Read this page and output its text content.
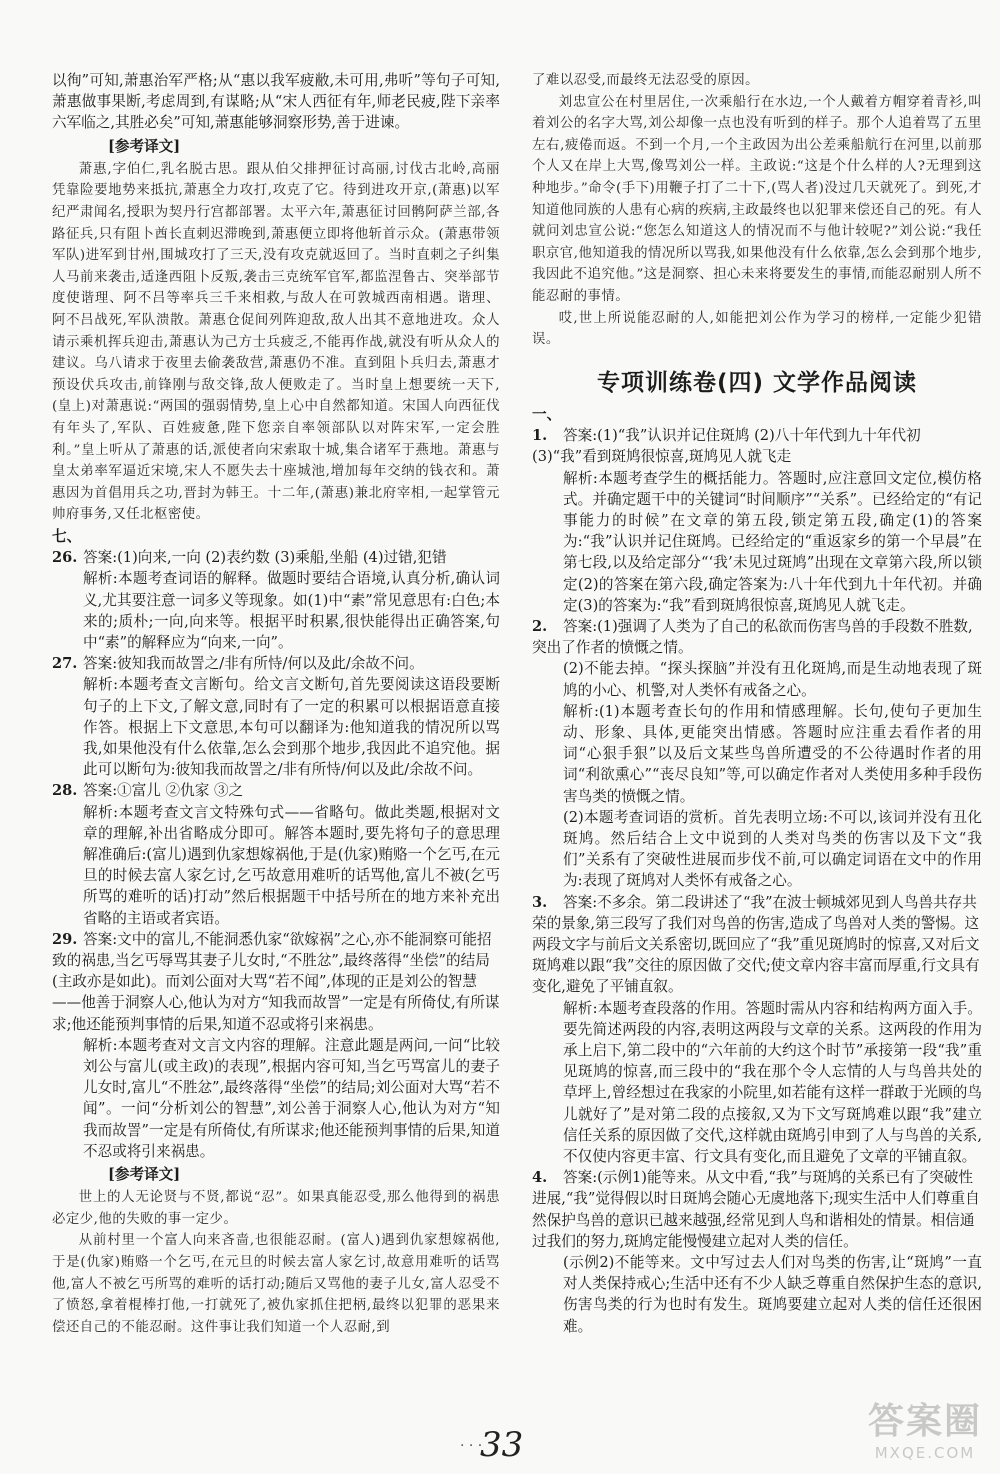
以徇”可知,萧惠治军严格;从“惠以我军疲敝,未可用,弗听”等句子可知,萧惠做事果断,考虑周到,有谋略;从“宋人西征有年,师老民疲,陛下亲率六军临之,其胜必矣”可知,萧惠能够洞察形势,善于进谏。

[参考译文]

萧惠,字伯仁,乳名脱古思。跟从伯父排押征讨高丽,讨伐古北岭,高丽凭靠险要地势来抵抗,萧惠全力攻打,攻克了它。待到进攻开京,(萧惠)以军纪严肃闻名,授职为契丹行宫都部署。太平六年,萧惠征讨回鹘阿萨兰部,各路征兵,只有阻卜酋长直刺迟滞晚到,萧惠便立即将他斩首示众。(萧惠带领军队)进军到甘州,围城攻打了三天,没有攻克就返回了。当时直刺之子纠集人马前来袭击,适逢西阻卜反叛,袭击三克统军官军,都监涅鲁古、突举部节度使谐理、阿不吕等率兵三千来相救,与敌人在可敦城西南相遇。谐理、阿不吕战死,军队溃散。萧惠仓促间列阵迎敌,敌人出其不意地进攻。众人请示乘机挥兵迎击,萧惠认为己方士兵疲乏,不能再作战,就没有听从众人的建议。乌八请求于夜里去偷袭敌营,萧惠仍不准。直到阻卜兵归去,萧惠才预设伏兵攻击,前锋刚与敌交锋,敌人便败走了。当时皇上想要统一天下,(皇上)对萧惠说:“两国的强弱情势,皇上心中自然都知道。宋国人向西征伐有年头了,军队、百姓疲惫,陛下您亲自率领部队以对阵宋军,一定会胜利。”皇上听从了萧惠的话,派使者向宋索取十城,集合诸军于燕地。萧惠与皇太弟率军逼近宋境,宋人不愿失去十座城池,增加每年交纳的钱衣和。萧惠因为首倡用兵之功,晋封为韩王。十二年,(萧惠)兼北府宰相,一起掌管元帅府事务,又任北枢密使。

七、

26. 答案:(1)向来,一向 (2)表约数 (3)乘船,坐船 (4)过错,犯错

解析:本题考查词语的解释。做题时要结合语境,认真分析,确认词义,尤其要注意一词多义等现象。如(1)中“素”常见意思有:白色;本来的;质朴;一向,向来等。根据平时积累,很快能得出正确答案,句中“素”的解释应为“向来,一向”。

27. 答案:彼知我而故詈之/非有所恃/何以及此/余故不问。

解析:本题考查文言断句。给文言文断句,首先要阅读这语段要断句子的上下文,了解文意,同时有了一定的积累可以根据语意直接作答。根据上下文意思,本句可以翻译为:他知道我的情况所以骂我,如果他没有什么依靠,怎么会到那个地步,我因此不追究他。据此可以断句为:彼知我而故詈之/非有所恃/何以及此/余故不问。

28. 答案:①富儿 ②仇家 ③之

解析:本题考查文言文特殊句式——省略句。做此类题,根据对文章的理解,补出省略成分即可。解答本题时,要先将句子的意思理解准确后:(富儿)遇到仇家想嫁祸他,于是(仇家)贿赂一个乞丐,在元旦的时候去富人家乞讨,乞丐故意用难听的话骂他,富儿不被(乞丐所骂的难听的话)打动”然后根据题干中括号所在的地方来补充出省略的主语或者宾语。

29. 答案:文中的富儿,不能洞悉仇家“欲嫁祸”之心,亦不能洞察可能招致的祸患,当乞丐辱骂其妻子儿女时,“不胜忿”,最终落得“坐偿”的结局(主政亦是如此)。而刘公面对大骂“若不闻”,体现的正是刘公的智慧——他善于洞察人心,他认为对方“知我而故詈”一定是有所倚仗,有所谋求;他还能预判事情的后果,知道不忍或将引来祸患。

解析:本题考查对文言文内容的理解。注意此题是两问,一问“比较刘公与富儿(或主政)的表现”,根据内容可知,当乞丐骂富儿的妻子儿女时,富儿“不胜忿”,最终落得“坐偿”的结局;刘公面对大骂“若不闻”。一问“分析刘公的智慧”,刘公善于洞察人心,他认为对方“知我而故詈”一定是有所倚仗,有所谋求;他还能预判事情的后果,知道不忍或将引来祸患。

[参考译文]

世上的人无论贤与不贤,都说“忍”。如果真能忍受,那么他得到的祸患必定少,他的失败的事一定少。

从前村里一个富人向来吝啬,也很能忍耐。(富人)遇到仇家想嫁祸他,于是(仇家)贿赂一个乞丐,在元旦的时候去富人家乞讨,故意用难听的话骂他,富人不被乞丐所骂的难听的话打动;随后又骂他的妻子儿女,富人忍受不了愤怒,拿着棍棒打他,一打就死了,被仇家抓住把柄,最终以犯罪的恶果来偿还自己的不能忍耐。这件事让我们知道一个人忍耐,到

了难以忍受,而最终无法忍受的原因。

刘忠宣公在村里居住,一次乘船行在水边,一个人戴着方帽穿着青衫,叫着刘公的名字大骂,刘公却像一点也没有听到的样子。那个人追着骂了五里左右,疲倦而返。不到一个月,一个主政因为出公差乘船航行在河里,以前那个人又在岸上大骂,像骂刘公一样。主政说:“这是个什么样的人?无理到这种地步。”命令(手下)用鞭子打了二十下,(骂人者)没过几天就死了。到死,才知道他同族的人患有心病的疾病,主政最终也以犯罪来偿还自己的死。有人就问刘忠宣公说:“您怎么知道这人的情况而不与他计较呢?”刘公说:“我任职京官,他知道我的情况所以骂我,如果他没有什么依靠,怎么会到那个地步,我因此不追究他。”这是洞察、担心未来将要发生的事情,而能忍耐别人所不能忍耐的事情。

哎,世上所说能忍耐的人,如能把刘公作为学习的榜样,一定能少犯错误。

专项训练卷(四) 文学作品阅读

一、

1. 答案:(1)“我”认识并记住斑鸠 (2)八十年代到九十年代初 (3)“我”看到斑鸠很惊喜,斑鸠见人就飞走

解析:本题考查学生的概括能力。答题时,应注意回文定位,模仿格式。并确定题干中的关键词“时间顺序”“关系”。已经给定的“有记事能力的时候”在文章的第五段,锁定第五段,确定(1)的答案为:“我”认识并记住斑鸠。已经给定的“重返家乡的第一个早晨”在第七段,以及给定部分“‘我’未见过斑鸠”出现在文章第六段,所以锁定(2)的答案在第六段,确定答案为:八十年代到九十年代初。并确定(3)的答案为:“我”看到斑鸠很惊喜,斑鸠见人就飞走。

2. 答案:(1)强调了人类为了自己的私欲而伤害鸟兽的手段数不胜数,突出了作者的愤慨之情。

(2)不能去掉。“探头探脑”并没有丑化斑鸠,而是生动地表现了斑鸠的小心、机警,对人类怀有戒备之心。

解析:(1)本题考查长句的作用和情感理解。长句,使句子更加生动、形象、具体,更能突出情感。答题时应注重去看作者的用词“心狠手狠”以及后文某些鸟兽所遭受的不公待遇时作者的用词“利欲熏心”“丧尽良知”等,可以确定作者对人类使用多种手段伤害鸟类的愤慨之情。

(2)本题考查词语的赏析。首先表明立场:不可以,该词并没有丑化斑鸠。然后结合上文中说到的人类对鸟类的伤害以及下文“我们”关系有了突破性进展而步伐不前,可以确定词语在文中的作用为:表现了斑鸠对人类怀有戒备之心。

3. 答案:不多余。第二段讲述了“我”在波士顿城郊见到人鸟兽共存共荣的景象,第三段写了我们对鸟兽的伤害,造成了鸟兽对人类的警惕。这两段文字与前后文关系密切,既回应了“我”重见斑鸠时的惊喜,又对后文斑鸠难以跟“我”交往的原因做了交代;使文章内容丰富而厚重,行文具有变化,避免了平铺直叙。

解析:本题考查段落的作用。答题时需从内容和结构两方面入手。要先简述两段的内容,表明这两段与文章的关系。这两段的作用为承上启下,第二段中的“六年前的大约这个时节”承接第一段“我”重见斑鸠的惊喜,而三段中的“我在那个令人忘情的人与鸟兽共处的草坪上,曾经想过在我家的小院里,如若能有这样一群敢于光顾的鸟儿就好了”是对第二段的点接叙,又为下文写斑鸠难以跟“我”建立信任关系的原因做了交代,这样就由斑鸠引申到了人与鸟兽的关系,不仅使内容更丰富、行文具有变化,而且避免了文章的平铺直叙。

4. 答案:(示例1)能等来。从文中看,“我”与斑鸠的关系已有了突破性进展,“我”觉得假以时日斑鸠会随心无虞地落下;现实生活中人们尊重自然保护鸟兽的意识已越来越强,经常见到人鸟和谐相处的情景。相信通过我们的努力,斑鸠定能慢慢建立起对人类的信任。

(示例2)不能等来。文中写过去人们对鸟类的伤害,让“斑鸠”一直对人类保持戒心;生活中还有不少人缺乏尊重自然保护生态的意识,伤害鸟类的行为也时有发生。斑鸠要建立起对人类的信任还很困难。

· · ·
33
答案圈
MXQE.COM
